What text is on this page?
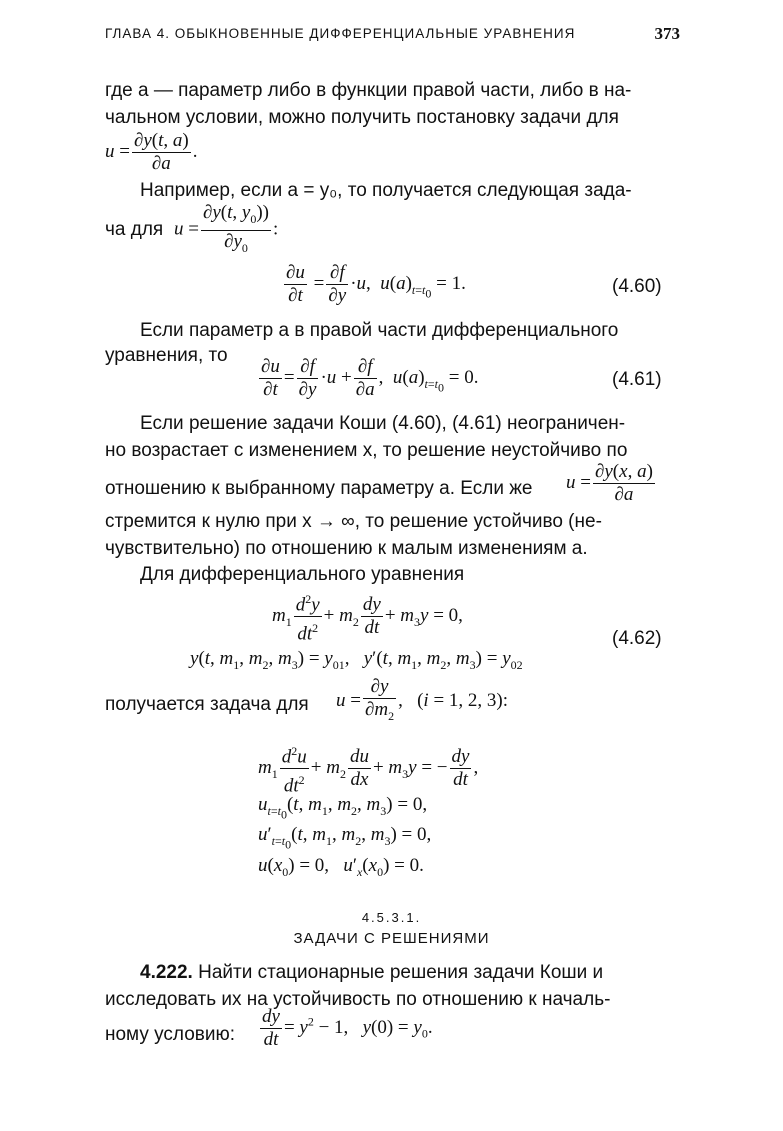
ГЛАВА 4. ОБЫКНОВЕННЫЕ ДИФФЕРЕНЦИАЛЬНЫЕ УРАВНЕНИЯ	373
где a — параметр либо в функции правой части, либо в на-
чальном условии, можно получить постановку задачи для
$u = \frac{\partial y(t, a)}{\partial a}$ .
Например, если a = y₀, то получается следующая зада-
ча для $u = \frac{\partial y(t, y_0))}{\partial y_0}$ :
$\frac{\partial u}{\partial t} = \frac{\partial f}{\partial y} \cdot u$,  $u(a)_{t=t_0} = 1$.	(4.60)
Если параметр a в правой части дифференциального
уравнения, то
$\frac{\partial u}{\partial t} = \frac{\partial f}{\partial y} \cdot u + \frac{\partial f}{\partial a}$ ,  $u(a)_{t=t_0} = 0$.	(4.61)
Если решение задачи Коши (4.60), (4.61) неограничен-
но возрастает с изменением x, то решение неустойчиво по
отношению к выбранному параметру a. Если же $u = \frac{\partial y(x, a)}{\partial a}$
стремится к нулю при x → ∞, то решение устойчиво (не-
чувствительно) по отношению к малым изменениям a.
Для дифференциального уравнения
$m_1 \frac{d^2y}{dt^2} + m_2 \frac{dy}{dt} + m_3y = 0$,
y(t, $m_1$, $m_2$, $m_3) = y_{01}$,   y′(t, $m_1$, $m_2$, $m_3) = y_{02}$
(4.62)
получается задача для $u = \frac{\partial y}{\partial m_2}$ ,   (i = 1, 2, 3):
$m_1 \frac{d^2u}{dt^2} + m_2 \frac{du}{dx} + m_3y$ = − $\frac{dy}{dt}$ ,
$u_{t=t_0}(t$, $m_1$, $m_2$, $m_3) = 0$,
$u'_{t=t_0}(t$, $m_1$, $m_2$, $m_3) = 0$,
$u(x_0) = 0$,   $u'_x(x_0) = 0$.
4.5.3.1.
ЗАДАЧИ С РЕШЕНИЯМИ
4.222. Найти стационарные решения задачи Коши и
исследовать их на устойчивость по отношению к началь-
ному условию: $\frac{dy}{dt} = y^2 - 1$,   $y(0) = y_0$.
